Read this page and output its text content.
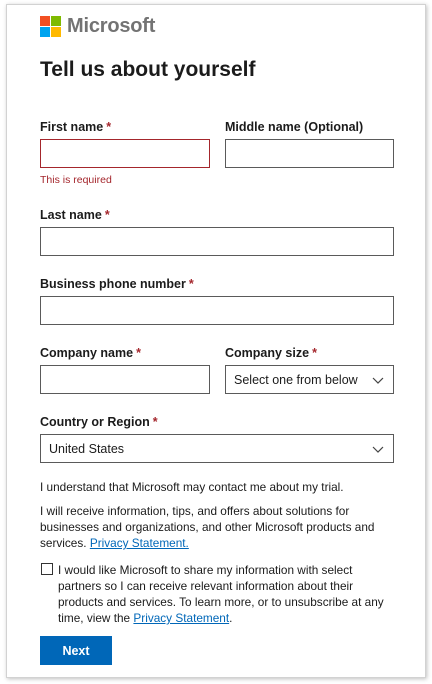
Microsoft
Tell us about yourself
First name *
This is required
Middle name (Optional)
Last name *
Business phone number *
Company name *	Company size *
Select one from below
Country or Region *
United States
I understand that Microsoft may contact me about my trial.
I will receive information, tips, and offers about solutions for businesses and organizations, and other Microsoft products and services. Privacy Statement.
I would like Microsoft to share my information with select partners so I can receive relevant information about their products and services. To learn more, or to unsubscribe at any time, view the Privacy Statement.
Next
